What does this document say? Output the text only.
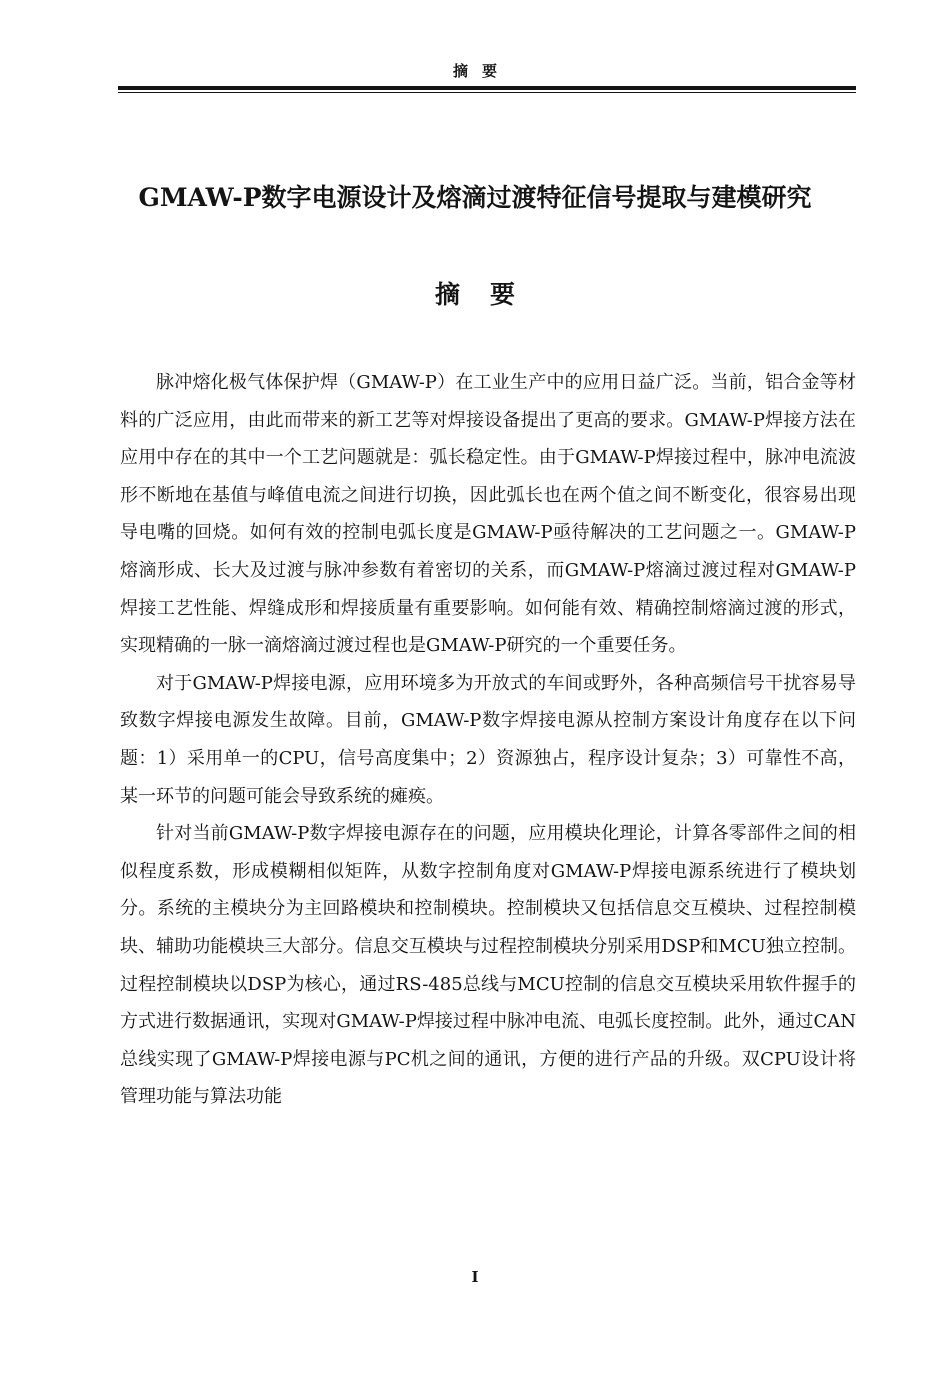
摘要
GMAW-P数字电源设计及熔滴过渡特征信号提取与建模研究
摘要

脉冲熔化极气体保护焊（GMAW-P）在工业生产中的应用日益广泛。当前，铝合金等材料的广泛应用，由此而带来的新工艺等对焊接设备提出了更高的要求。GMAW-P焊接方法在应用中存在的其中一个工艺问题就是：弧长稳定性。由于GMAW-P焊接过程中，脉冲电流波形不断地在基值与峰值电流之间进行切换，因此弧长也在两个值之间不断变化，很容易出现导电嘴的回烧。如何有效的控制电弧长度是GMAW-P亟待解决的工艺问题之一。GMAW-P熔滴形成、长大及过渡与脉冲参数有着密切的关系，而GMAW-P熔滴过渡过程对GMAW-P焊接工艺性能、焊缝成形和焊接质量有重要影响。如何能有效、精确控制熔滴过渡的形式，实现精确的一脉一滴熔滴过渡过程也是GMAW-P研究的一个重要任务。

对于GMAW-P焊接电源，应用环境多为开放式的车间或野外，各种高频信号干扰容易导致数字焊接电源发生故障。目前，GMAW-P数字焊接电源从控制方案设计角度存在以下问题：1）采用单一的CPU，信号高度集中；2）资源独占，程序设计复杂；3）可靠性不高，某一环节的问题可能会导致系统的瘫痪。

针对当前GMAW-P数字焊接电源存在的问题，应用模块化理论，计算各零部件之间的相似程度系数，形成模糊相似矩阵，从数字控制角度对GMAW-P焊接电源系统进行了模块划分。系统的主模块分为主回路模块和控制模块。控制模块又包括信息交互模块、过程控制模块、辅助功能模块三大部分。信息交互模块与过程控制模块分别采用DSP和MCU独立控制。过程控制模块以DSP为核心，通过RS-485总线与MCU控制的信息交互模块采用软件握手的方式进行数据通讯，实现对GMAW-P焊接过程中脉冲电流、电弧长度控制。此外，通过CAN总线实现了GMAW-P焊接电源与PC机之间的通讯，方便的进行产品的升级。双CPU设计将管理功能与算法功能

I
